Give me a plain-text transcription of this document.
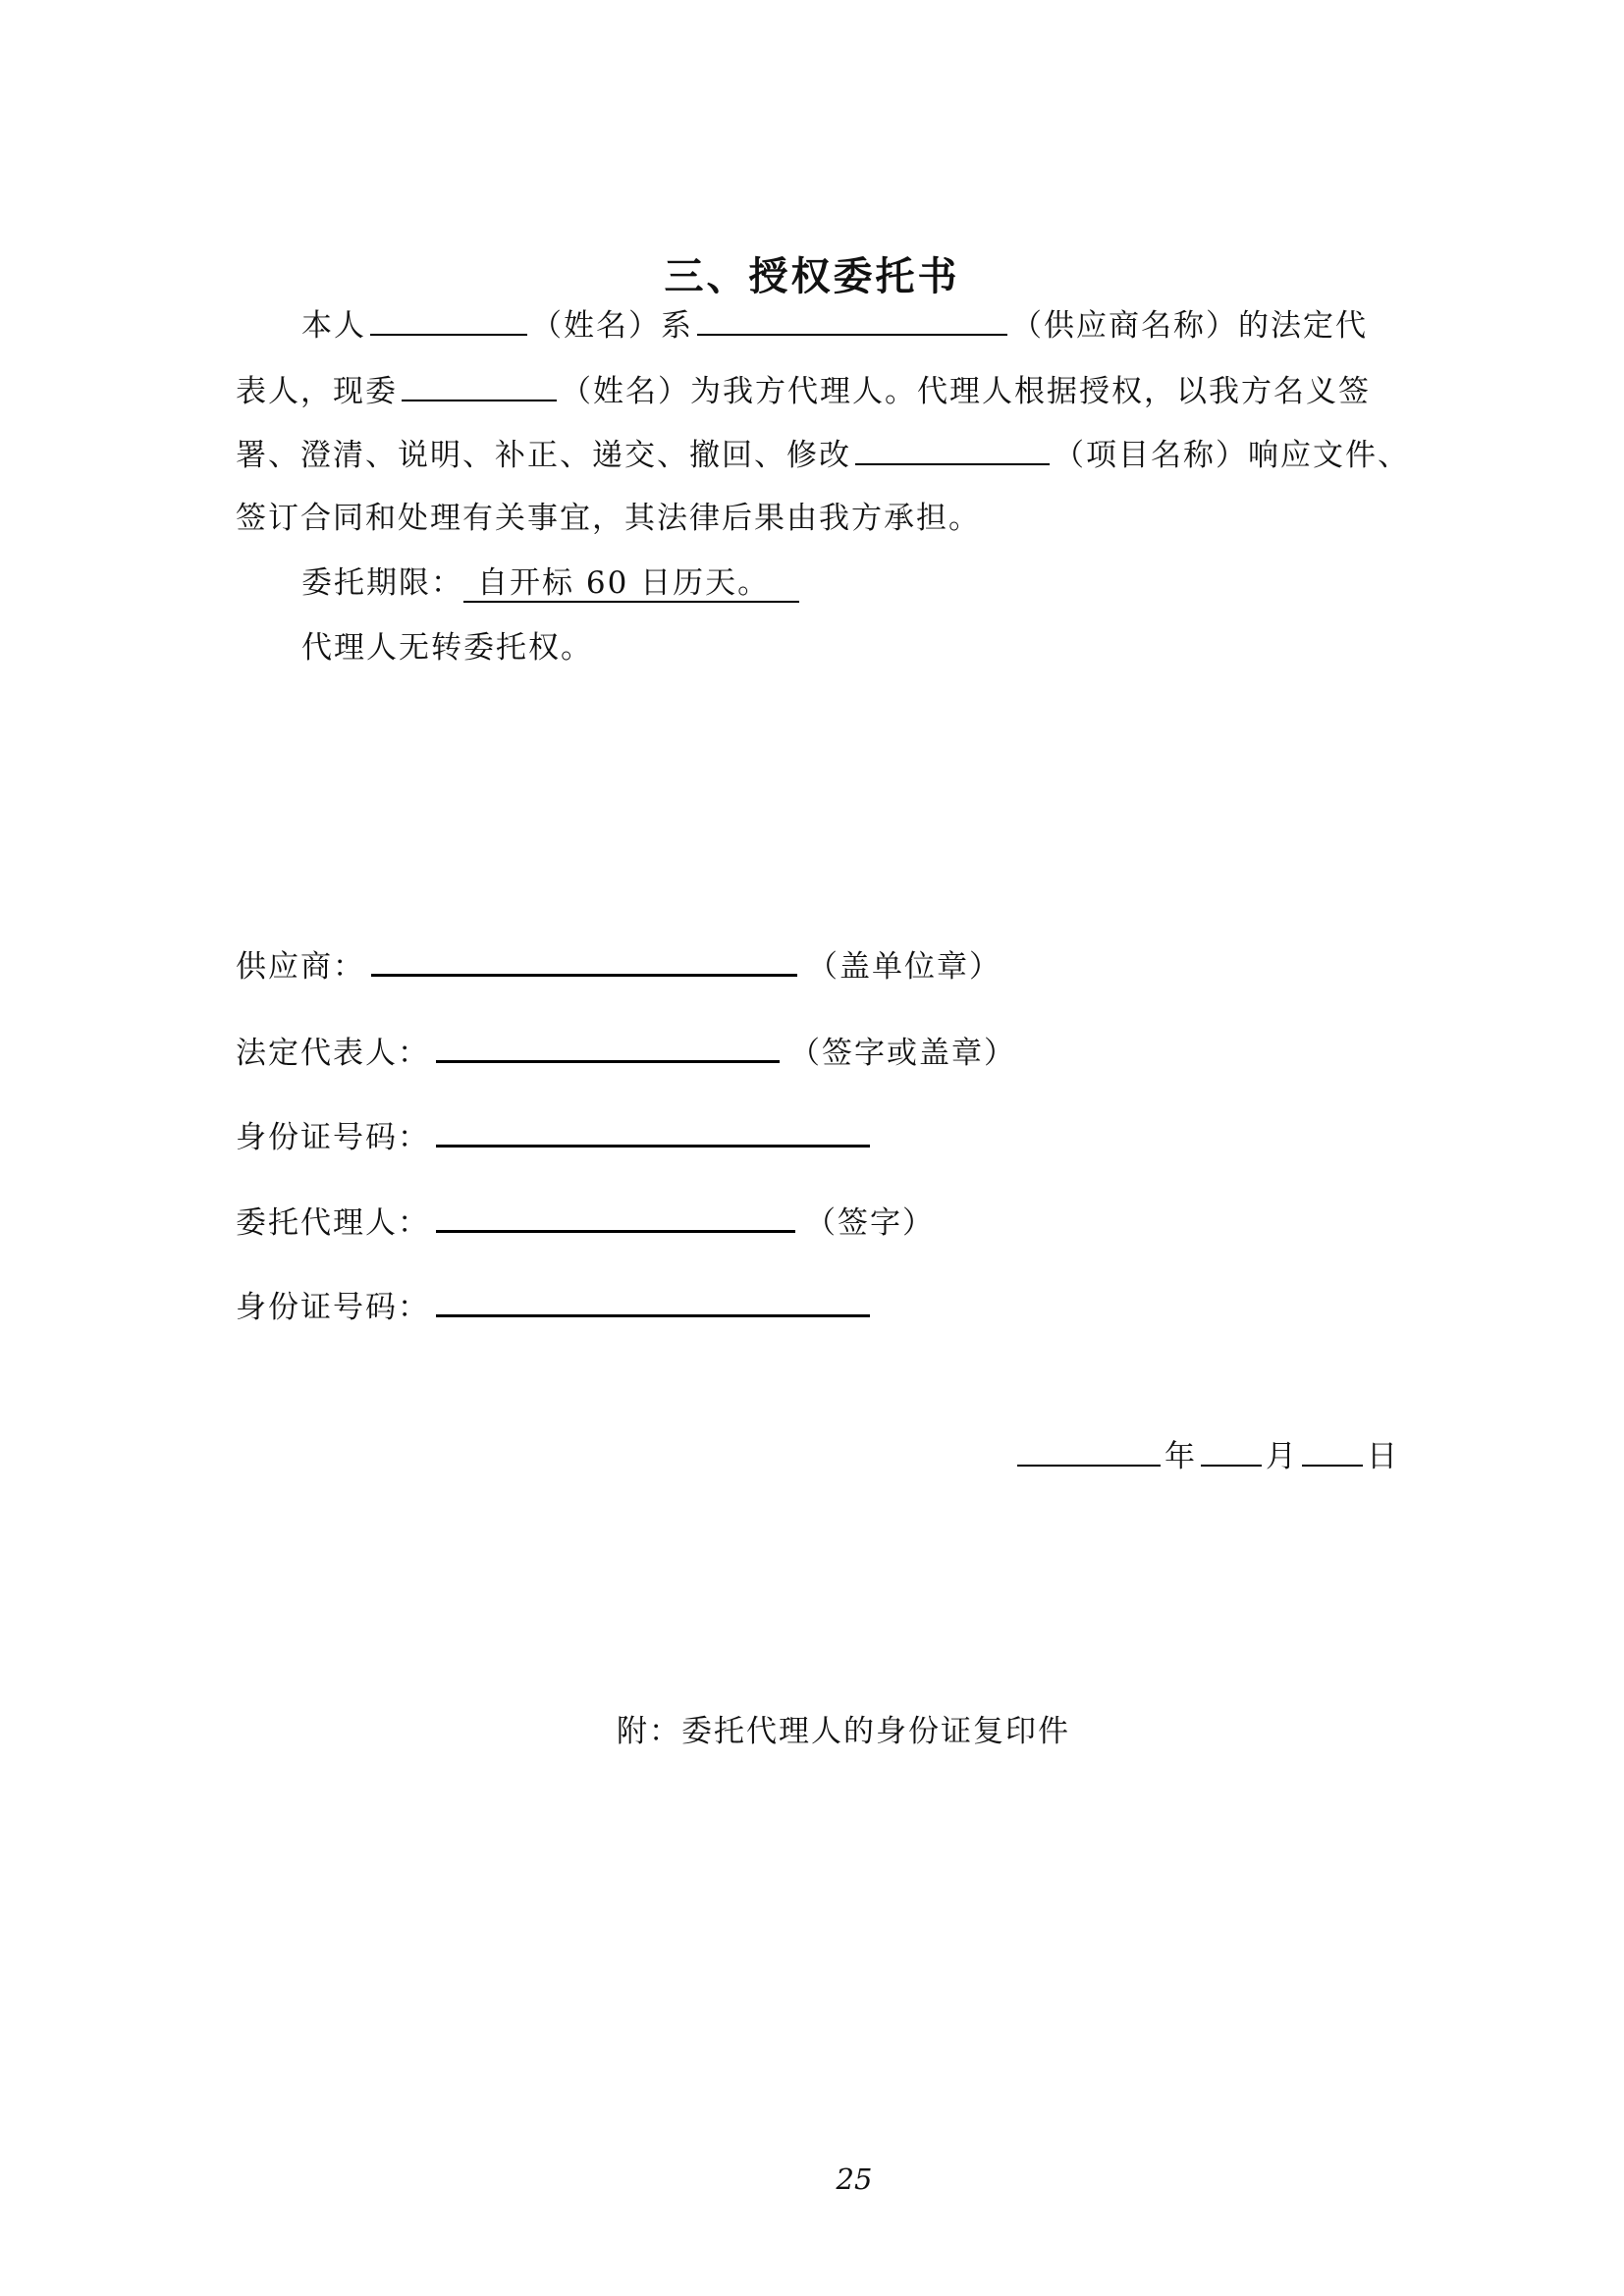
三、授权委托书
本人	（姓名）系	（供应商名称）的法定代
表人，现委	（姓名）为我方代理人。代理人根据授权，以我方名义签
署、澄清、说明、补正、递交、撤回、修改	（项目名称）响应文件、
签订合同和处理有关事宜，其法律后果由我方承担。
委托期限： 自开标 60 日历天。
代理人无转委托权。
供应商：	（盖单位章）
法定代表人：	（签字或盖章）
身份证号码：
委托代理人：	（签字）
身份证号码：
年 月 日
附：委托代理人的身份证复印件
25
